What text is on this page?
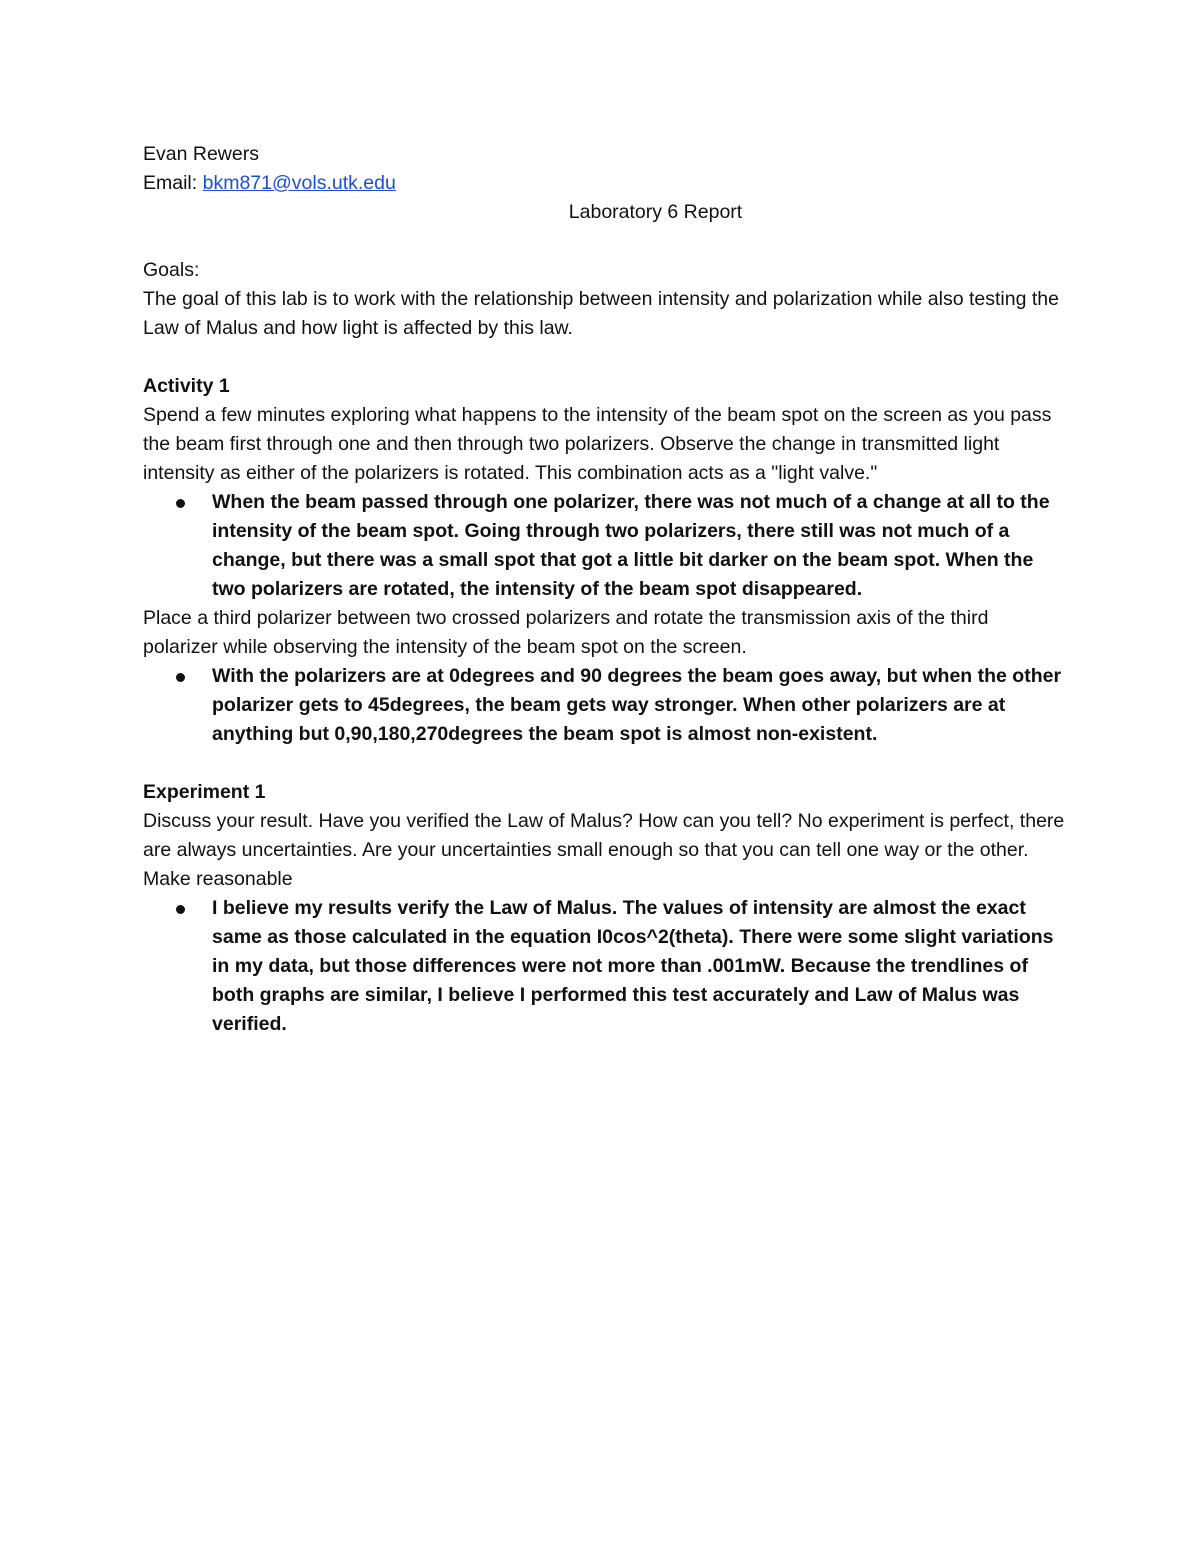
Evan Rewers
Email: bkm871@vols.utk.edu
Laboratory 6 Report
Goals:
The goal of this lab is to work with the relationship between intensity and polarization while also testing the Law of Malus and how light is affected by this law.
Activity 1
Spend a few minutes exploring what happens to the intensity of the beam spot on the screen as you pass the beam first through one and then through two polarizers. Observe the change in transmitted light intensity as either of the polarizers is rotated. This combination acts as a "light valve."
When the beam passed through one polarizer, there was not much of a change at all to the intensity of the beam spot. Going through two polarizers, there still was not much of a change, but there was a small spot that got a little bit darker on the beam spot. When the two polarizers are rotated, the intensity of the beam spot disappeared.
Place a third polarizer between two crossed polarizers and rotate the transmission axis of the third polarizer while observing the intensity of the beam spot on the screen.
With the polarizers are at 0degrees and 90 degrees the beam goes away, but when the other polarizer gets to 45degrees, the beam gets way stronger. When other polarizers are at anything but 0,90,180,270degrees the beam spot is almost non-existent.
Experiment 1
Discuss your result. Have you verified the Law of Malus? How can you tell? No experiment is perfect, there are always uncertainties. Are your uncertainties small enough so that you can tell one way or the other. Make reasonable
I believe my results verify the Law of Malus. The values of intensity are almost the exact same as those calculated in the equation I0cos^2(theta). There were some slight variations in my data, but those differences were not more than .001mW. Because the trendlines of both graphs are similar, I believe I performed this test accurately and Law of Malus was verified.
